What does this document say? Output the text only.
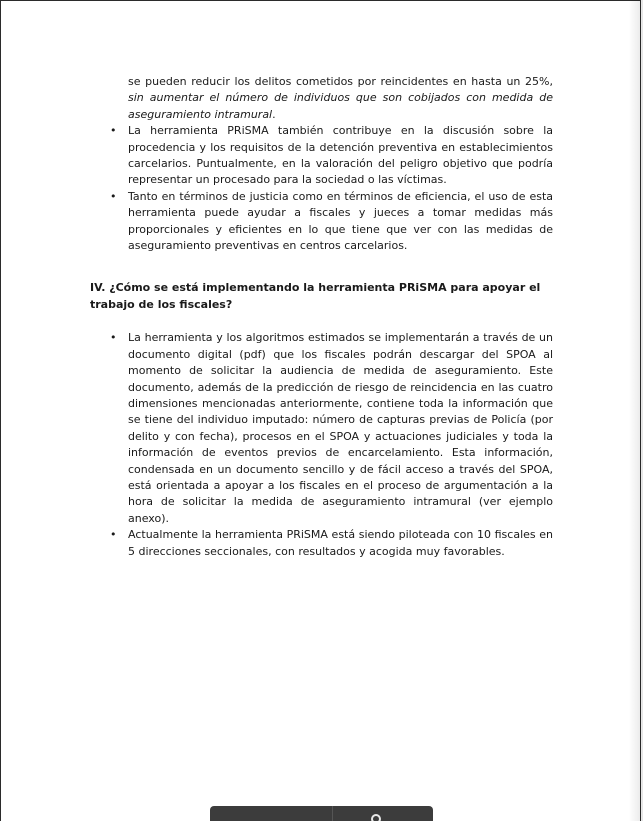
se pueden reducir los delitos cometidos por reincidentes en hasta un 25%, sin aumentar el número de individuos que son cobijados con medida de aseguramiento intramural.

• La herramienta PRiSMA también contribuye en la discusión sobre la procedencia y los requisitos de la detención preventiva en establecimientos carcelarios. Puntualmente, en la valoración del peligro objetivo que podría representar un procesado para la sociedad o las víctimas.
• Tanto en términos de justicia como en términos de eficiencia, el uso de esta herramienta puede ayudar a fiscales y jueces a tomar medidas más proporcionales y eficientes en lo que tiene que ver con las medidas de aseguramiento preventivas en centros carcelarios.
IV. ¿Cómo se está implementando la herramienta PRiSMA para apoyar el trabajo de los fiscales?
• La herramienta y los algoritmos estimados se implementarán a través de un documento digital (pdf) que los fiscales podrán descargar del SPOA al momento de solicitar la audiencia de medida de aseguramiento. Este documento, además de la predicción de riesgo de reincidencia en las cuatro dimensiones mencionadas anteriormente, contiene toda la información que se tiene del individuo imputado: número de capturas previas de Policía (por delito y con fecha), procesos en el SPOA y actuaciones judiciales y toda la información de eventos previos de encarcelamiento. Esta información, condensada en un documento sencillo y de fácil acceso a través del SPOA, está orientada a apoyar a los fiscales en el proceso de argumentación a la hora de solicitar la medida de aseguramiento intramural (ver ejemplo anexo).
• Actualmente la herramienta PRiSMA está siendo piloteada con 10 fiscales en 5 direcciones seccionales, con resultados y acogida muy favorables.
